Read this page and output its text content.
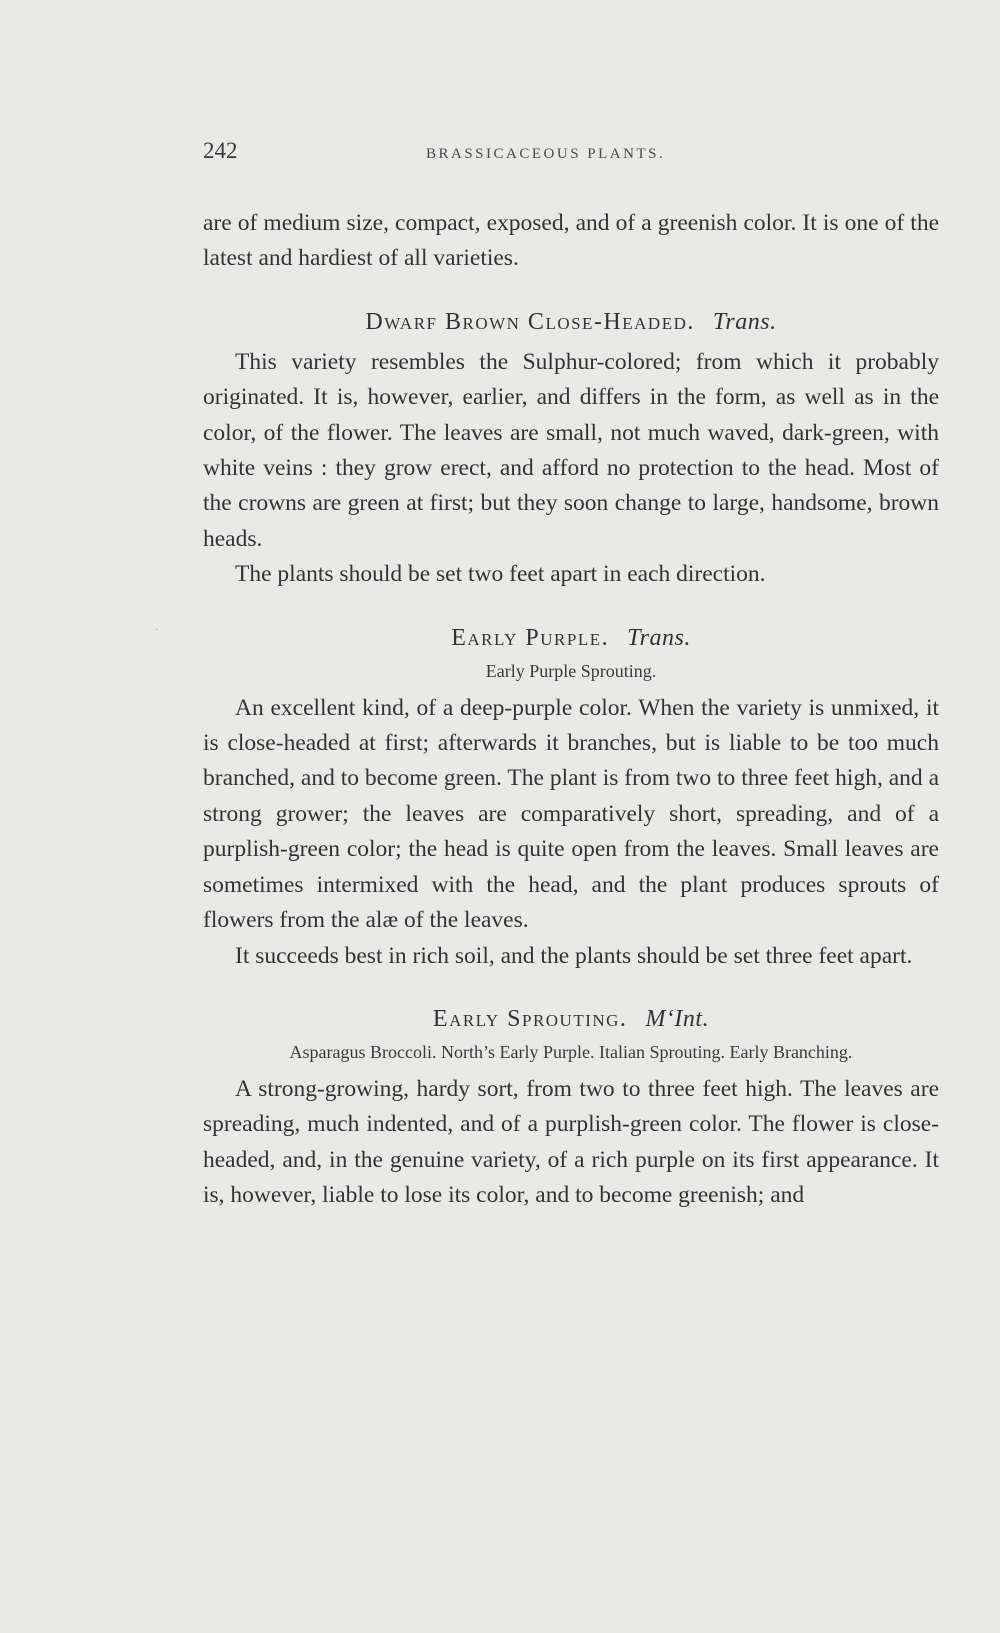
242	BRASSICACEOUS PLANTS.
·

are of medium size, compact, exposed, and of a greenish color. It is one of the latest and hardiest of all varieties.

Dwarf Brown Close-Headed. Trans.

This variety resembles the Sulphur-colored; from which it probably originated. It is, however, earlier, and differs in the form, as well as in the color, of the flower. The leaves are small, not much waved, dark-green, with white veins : they grow erect, and afford no protection to the head. Most of the crowns are green at first; but they soon change to large, handsome, brown heads.

The plants should be set two feet apart in each direction.

Early Purple. Trans.
Early Purple Sprouting.

An excellent kind, of a deep-purple color. When the variety is unmixed, it is close-headed at first; afterwards it branches, but is liable to be too much branched, and to become green. The plant is from two to three feet high, and a strong grower; the leaves are comparatively short, spreading, and of a purplish-green color; the head is quite open from the leaves. Small leaves are sometimes intermixed with the head, and the plant produces sprouts of flowers from the alæ of the leaves.

It succeeds best in rich soil, and the plants should be set three feet apart.

Early Sprouting. M‘Int.
Asparagus Broccoli. North’s Early Purple. Italian Sprouting. Early Branching.

A strong-growing, hardy sort, from two to three feet high. The leaves are spreading, much indented, and of a purplish-green color. The flower is close-headed, and, in the genuine variety, of a rich purple on its first appearance. It is, however, liable to lose its color, and to become greenish; and
